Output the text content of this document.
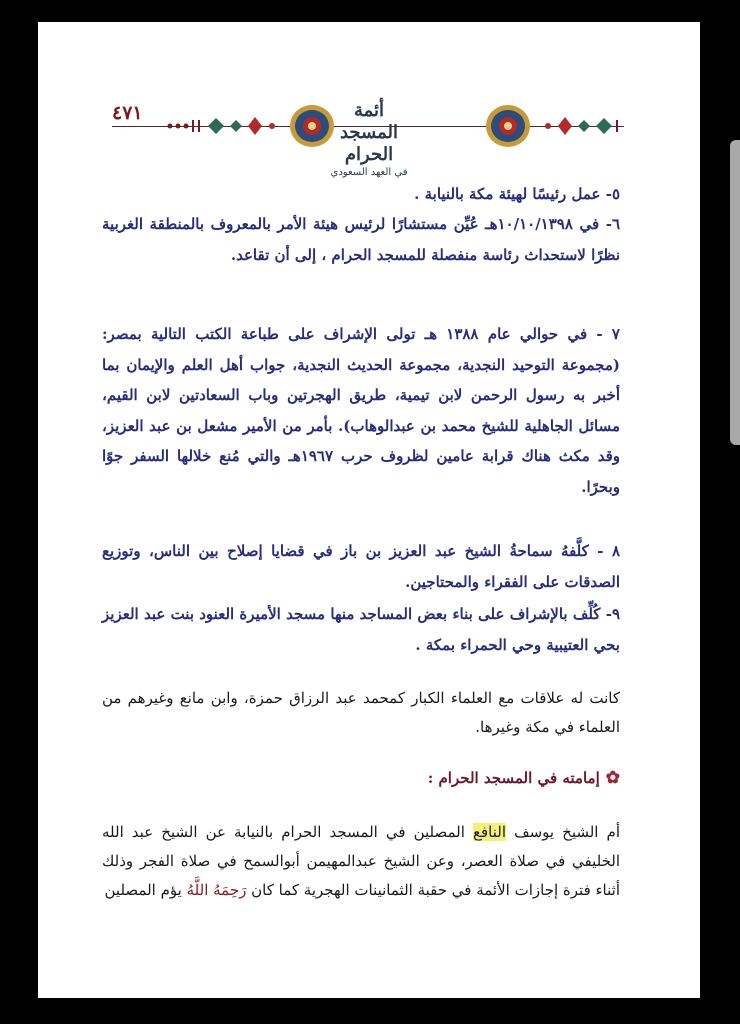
أئمة المسجد الحرام
في العهد السعودي
٤٧١

٥- عمل رئيسًا لهيئة مكة بالنيابة .

٦- في ١٠/١٠/١٣٩٨هـ عُيِّن مستشارًا لرئيس هيئة الأمر بالمعروف بالمنطقة الغربية نظرًا لاستحداث رئاسة منفصلة للمسجد الحرام ، إلى أن تقاعد.

٧ - في حوالي عام ١٣٨٨ هـ تولى الإشراف على طباعة الكتب التالية بمصر: (مجموعة التوحيد النجدية، مجموعة الحديث النجدية، جواب أهل العلم والإيمان بما أخبر به رسول الرحمن لابن تيمية، طريق الهجرتين وباب السعادتين لابن القيم، مسائل الجاهلية للشيخ محمد بن عبدالوهاب). بأمر من الأمير مشعل بن عبد العزيز، وقد مكث هناك قرابة عامين لظروف حرب ١٩٦٧هـ والتي مُنع خلالها السفر جوًا وبحرًا.

٨ - كلَّفهُ سماحةُ الشيخ عبد العزيز بن باز في قضايا إصلاح بين الناس، وتوزيع الصدقات على الفقراء والمحتاجين.

٩- كُلِّف بالإشراف على بناء بعض المساجد منها مسجد الأميرة العنود بنت عبد العزيز بحي العتيبية وحي الحمراء بمكة .

كانت له علاقات مع العلماء الكبار كمحمد عبد الرزاق حمزة، وابن مانع وغيرهم من العلماء في مكة وغيرها.

✿إمامته في المسجد الحرام :

أم الشيخ يوسف النافع المصلين في المسجد الحرام بالنيابة عن الشيخ عبد الله الخليفي في صلاة العصر، وعن الشيخ عبدالمهيمن أبوالسمح في صلاة الفجر وذلك أثناء فترة إجازات الأئمة في حقبة الثمانينات الهجرية كما كان رَحِمَهُ اللَّهُ يؤم المصلين
